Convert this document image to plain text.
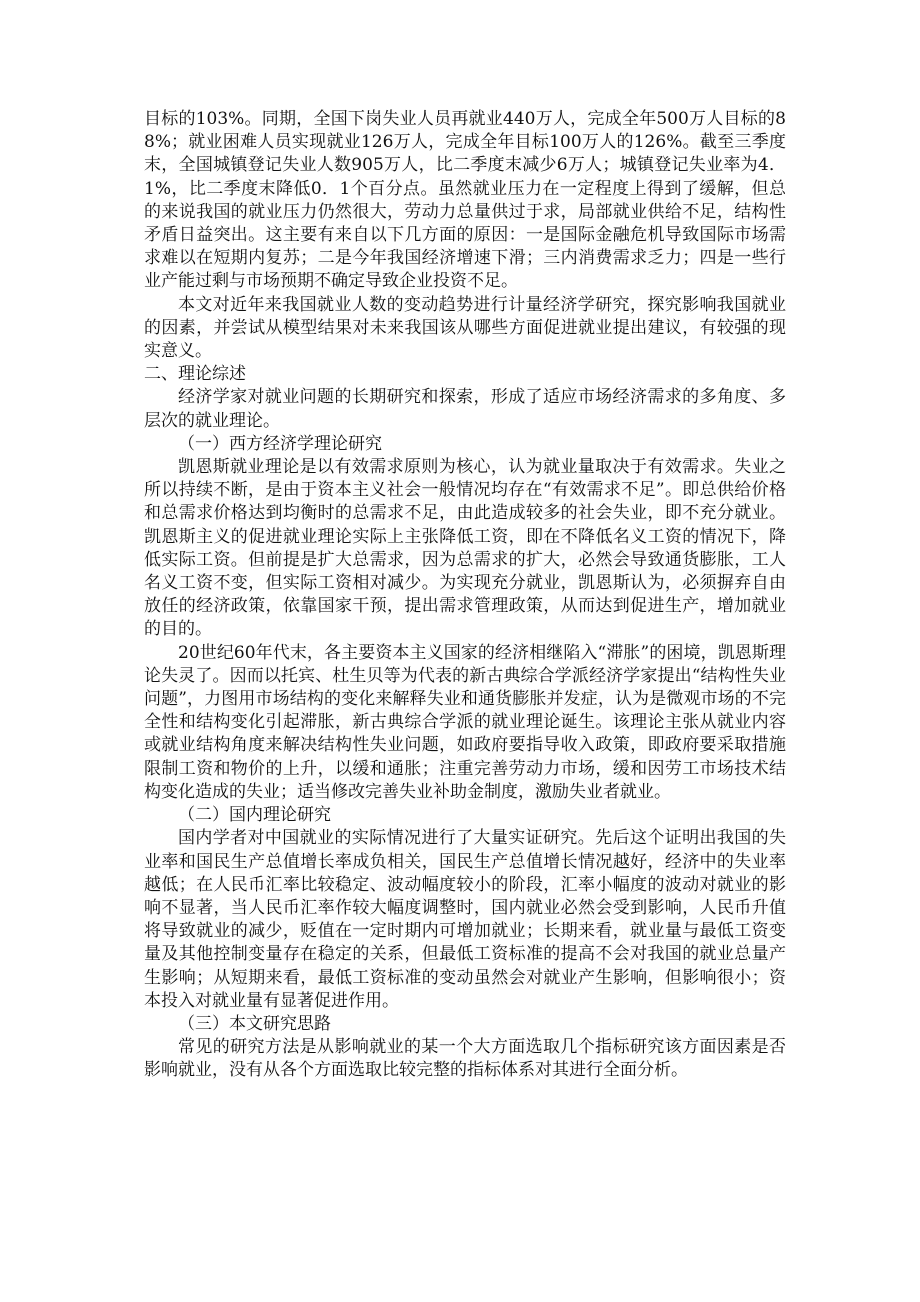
目标的103%。同期，全国下岗失业人员再就业440万人，完成全年500万人目标的88%；就业困难人员实现就业126万人，完成全年目标100万人的126%。截至三季度末，全国城镇登记失业人数905万人，比二季度末减少6万人；城镇登记失业率为4．1%，比二季度末降低0．1个百分点。虽然就业压力在一定程度上得到了缓解，但总的来说我国的就业压力仍然很大，劳动力总量供过于求，局部就业供给不足，结构性矛盾日益突出。这主要有来自以下几方面的原因：一是国际金融危机导致国际市场需求难以在短期内复苏；二是今年我国经济增速下滑；三内消费需求乏力；四是一些行业产能过剩与市场预期不确定导致企业投资不足。

本文对近年来我国就业人数的变动趋势进行计量经济学研究，探究影响我国就业的因素，并尝试从模型结果对未来我国该从哪些方面促进就业提出建议，有较强的现实意义。

二、理论综述

经济学家对就业问题的长期研究和探索，形成了适应市场经济需求的多角度、多层次的就业理论。

（一）西方经济学理论研究

凯恩斯就业理论是以有效需求原则为核心，认为就业量取决于有效需求。失业之所以持续不断，是由于资本主义社会一般情况均存在“有效需求不足”。即总供给价格和总需求价格达到均衡时的总需求不足，由此造成较多的社会失业，即不充分就业。凯恩斯主义的促进就业理论实际上主张降低工资，即在不降低名义工资的情况下，降低实际工资。但前提是扩大总需求，因为总需求的扩大，必然会导致通货膨胀，工人名义工资不变，但实际工资相对减少。为实现充分就业，凯恩斯认为，必须摒弃自由放任的经济政策，依靠国家干预，提出需求管理政策，从而达到促进生产，增加就业的目的。

20世纪60年代末，各主要资本主义国家的经济相继陷入“滞胀”的困境，凯恩斯理论失灵了。因而以托宾、杜生贝等为代表的新古典综合学派经济学家提出“结构性失业问题”，力图用市场结构的变化来解释失业和通货膨胀并发症，认为是微观市场的不完全性和结构变化引起滞胀，新古典综合学派的就业理论诞生。该理论主张从就业内容或就业结构角度来解决结构性失业问题，如政府要指导收入政策，即政府要采取措施限制工资和物价的上升，以缓和通胀；注重完善劳动力市场，缓和因劳工市场技术结构变化造成的失业；适当修改完善失业补助金制度，激励失业者就业。

（二）国内理论研究

国内学者对中国就业的实际情况进行了大量实证研究。先后这个证明出我国的失业率和国民生产总值增长率成负相关，国民生产总值增长情况越好，经济中的失业率越低；在人民币汇率比较稳定、波动幅度较小的阶段，汇率小幅度的波动对就业的影响不显著，当人民币汇率作较大幅度调整时，国内就业必然会受到影响，人民币升值将导致就业的减少，贬值在一定时期内可增加就业；长期来看，就业量与最低工资变量及其他控制变量存在稳定的关系，但最低工资标准的提高不会对我国的就业总量产生影响；从短期来看，最低工资标准的变动虽然会对就业产生影响，但影响很小；资本投入对就业量有显著促进作用。

（三）本文研究思路

常见的研究方法是从影响就业的某一个大方面选取几个指标研究该方面因素是否影响就业，没有从各个方面选取比较完整的指标体系对其进行全面分析。
